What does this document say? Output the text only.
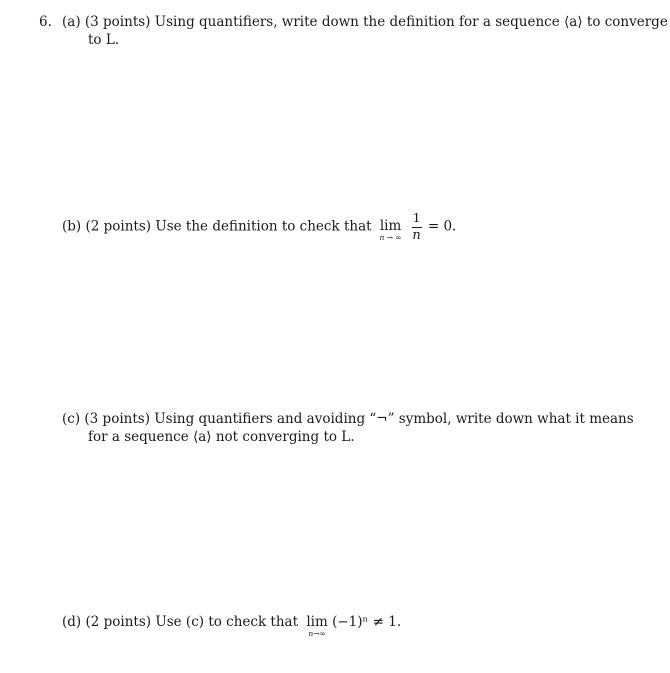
6. (a) (3 points) Using quantifiers, write down the definition for a sequence ⟨a⟩ to converge
to L.
(b) (2 points) Use the definition to check that lim
n → ∞
$\frac{1}{n} = 0$.
(c) (3 points) Using quantifiers and avoiding “¬” symbol, write down what it means
for a sequence ⟨a⟩ not converging to L.
(d) (2 points) Use (c) to check that lim
n→∞
(−1)ⁿ ≠ 1.
